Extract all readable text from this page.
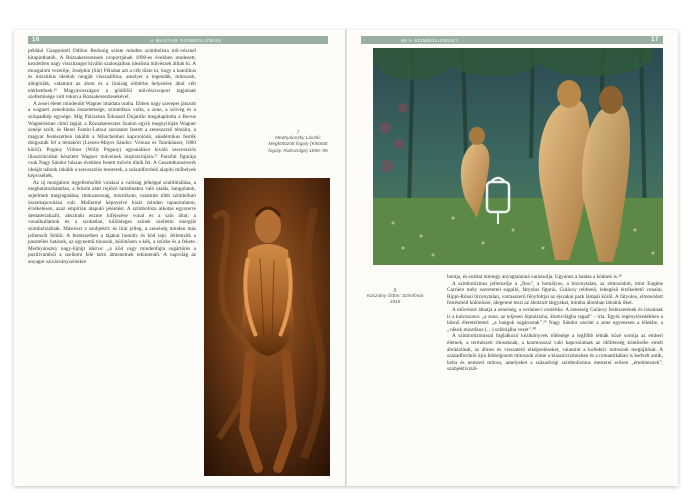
16	A MAGYAR SZIMBOLIZMUS

például Gauguintól Odilon Redonig szinte minden szimbolista mű-vésznél kitapinthatók. A Rózsakeresztesek csoportjának 1890-es években rendezett, kezdetben nagy visszhangot kiváltó szalonjaiban idealista művészek álltak ki. A mozgalom vezetője, Joséphin (Sâr) Péladan azt a célt tűzte ki, hogy a katolikus és misztikus ideálok rangját visszaállítsa, amelyet a legendák, mítoszok, allegóriák, valamint az álom és a líraiság előtérbe helyezése által vélt elérhetőnek.²⁶ Magyarországon a gödöllői művészcsoport tagjainak szellemisége volt rokon a Rózsakeresztesekével.

A zenei életet mindenütt Wagner imádata uralta. Ebben nagy szerepet játszott a wagneri zenedráma összetettsége, szintetikus volta, a zene, a szöveg és a színpadkép egysége. Míg Párizsban Édouard Dujardin megalapította a Revue Wagnérienne című lapját, a Rózsakeresztes Szalon egyik megnyitóján Wagner zenéje szólt, és Henri Fantin-Latour sorozatot festett a zeneszerző témáira, a magyar festészetben inkább a Münchenhez kapcsolódó, akadémikus festők dolgozták fel a témakört (Liezen-Mayer Sándor: Vénusz és Tannhäuser, 1880 körül). Pogány Vilmos (Willy Pogany) ugyanakkor kiváló szecessziós illusztrációkat készített Wagner műveinek inspirációjára.²⁷ Parsifal figurája csak Nagy Sándor húszas években festett művén tűnik fel. A Gesamtkunstwerk ideáját nálunk inkább a szecessziós mesterek, a századforduló alapító műhelyek képviselték.

Az új mozgalom legjellemzőbb vonásai a valóság jelképpé szublimálása, a meghatározhatatlan, a felszín alatt rejtőző tartalmakra való utalás, hangulatok, sejtelmek megragadása, titokzatosság, misztikum, valamint több szimbólum összekapcsolása volt. Mallarmé képnyelve kizár minden tapasztalaton, érzékelésen, azaz empírián alapuló jelentést. A szimbolista alkotás egyszerre dematerializált, absztrakt eszme kifejezése vonal és a szín által; a vonalhullámok és a szokatlan, különleges színek szellemi energiát szimbolizálnak. Másrészt a szubjektív és lírai jelleg, a zeneiség minden más jellemzőt felülír. A festészetben a tájakat homály és köd lepi. Jellemzők a pasztelles hatások, az egynemű tónusok, különösen a kék, a szürke és a fekete. Mednyánszky nagy-lújtájt idézve: „a köd vagy mindenfajta sugártörés a pozitívumból a szellemi felé tartó átmenetnek tekintendő. A napvilág az anyagot szivárványszínekre

7
Mednyánszky László: Megkötözött fogoly (Kikötött fogoly, Rabszolga) 1890–95
MI A SZIMBOLIZMUS?	17
8
Kacziány Ödön: Szimfónia 1918

bontja, és ezáltal mintegy anyagtalanná varázsolja. Ugyanez a hatása a ködnek is.²⁸

A szimbolizmus jellemzője a „flou”, a homályos, a bizonytalan, az elmosódott, mint Eugène Carrière mély szeretettel sugalló, fátyolos figurái, Gulácsy rebbenő, lebegésű érzékeltető vonalai, Rippl-Rónai bizonytalan, varrasszerű fényfoltjai az éjszakai park lámpái körül. A fátyolos, elmosódott festésmód különössé, idegenné teszi az ábrázolt tárgyakat, mintha álomban látnánk őket.

A művészet áthatja a zeneiség, a verlaine-i esztétika. A zeneiség Gulácsy festészetének és írásainak is a kulcsszava: „a zene, az teljesen hipnózisba, álomvilágba ragad” – írta. Egyik regénytöredékben a hősnő éleretérteteti: „a hangok sugároztak”.²⁹ Nagy Sándor szerint a zene egyenesen a lélekbe, a „vákok misztikus (…) szférájába vezet”.³⁰

A szimbolizmussal foglalkozó kézikönyvek többsége a legfőbb témák közé sorolja az emberi életnek, a természeti ritusoknak, a kozmosszal való kapcsolatnak az időtlenség köntösébe emelt ábrázolását, az álmos és visszatérő elképzeléseket, valamint a kollektív mítoszok megújítását. A századforduló újra feldolgozott mítoszok zöme a klasszicizmusban és a romantikában is kedvelt antik, kelta és nemzeti mítosz, amelyeket a századvégi szimbolizmus mesterei erősen „értelmeznek”, szubjektivizál-
